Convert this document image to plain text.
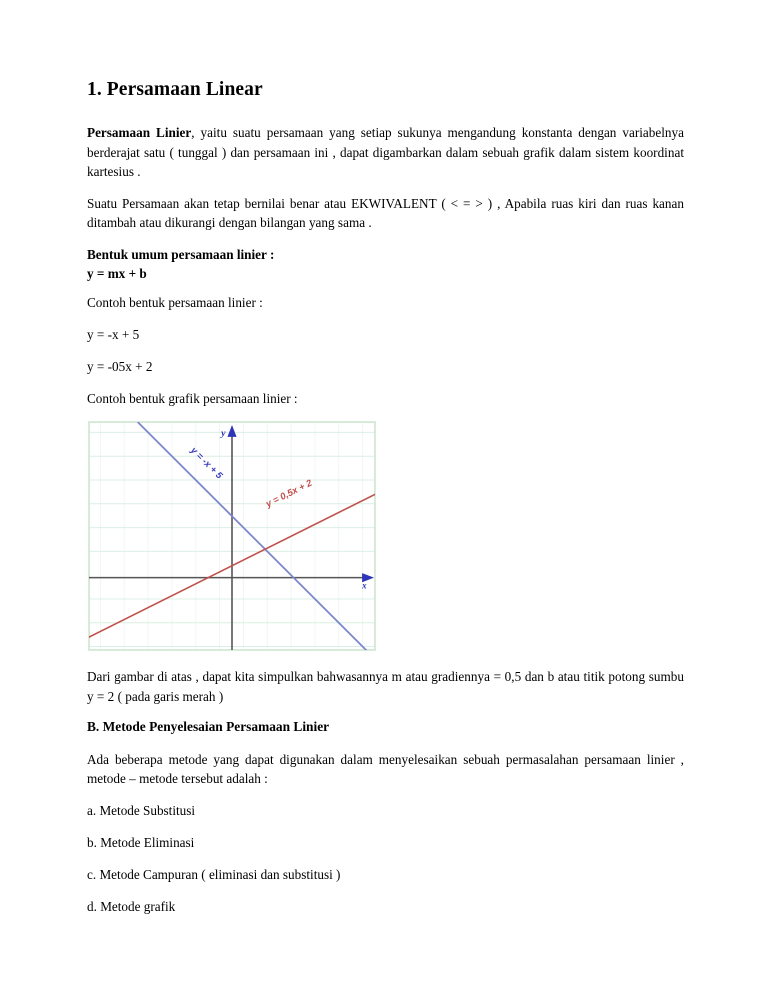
1. Persamaan Linear

Persamaan Linier, yaitu suatu persamaan yang setiap sukunya mengandung konstanta dengan variabelnya berderajat satu ( tunggal ) dan persamaan ini , dapat digambarkan dalam sebuah grafik dalam sistem koordinat kartesius .

Suatu Persamaan akan tetap bernilai benar atau EKWIVALENT ( < = > ) , Apabila ruas kiri dan ruas kanan ditambah atau dikurangi dengan bilangan yang sama .

Bentuk umum persamaan linier :

y = mx + b

Contoh bentuk persamaan linier :

y = -x + 5

y = -05x + 2

Contoh bentuk grafik persamaan linier :

y
x
y = -x + 5
y = 0,5x + 2

Dari gambar di atas , dapat kita simpulkan bahwasannya m atau gradiennya = 0,5 dan b atau titik potong sumbu y = 2 ( pada garis merah )

B. Metode Penyelesaian Persamaan Linier

Ada beberapa metode yang dapat digunakan dalam menyelesaikan sebuah permasalahan persamaan linier , metode – metode tersebut adalah :

a. Metode Substitusi

b. Metode Eliminasi

c. Metode Campuran ( eliminasi dan substitusi )

d. Metode grafik
